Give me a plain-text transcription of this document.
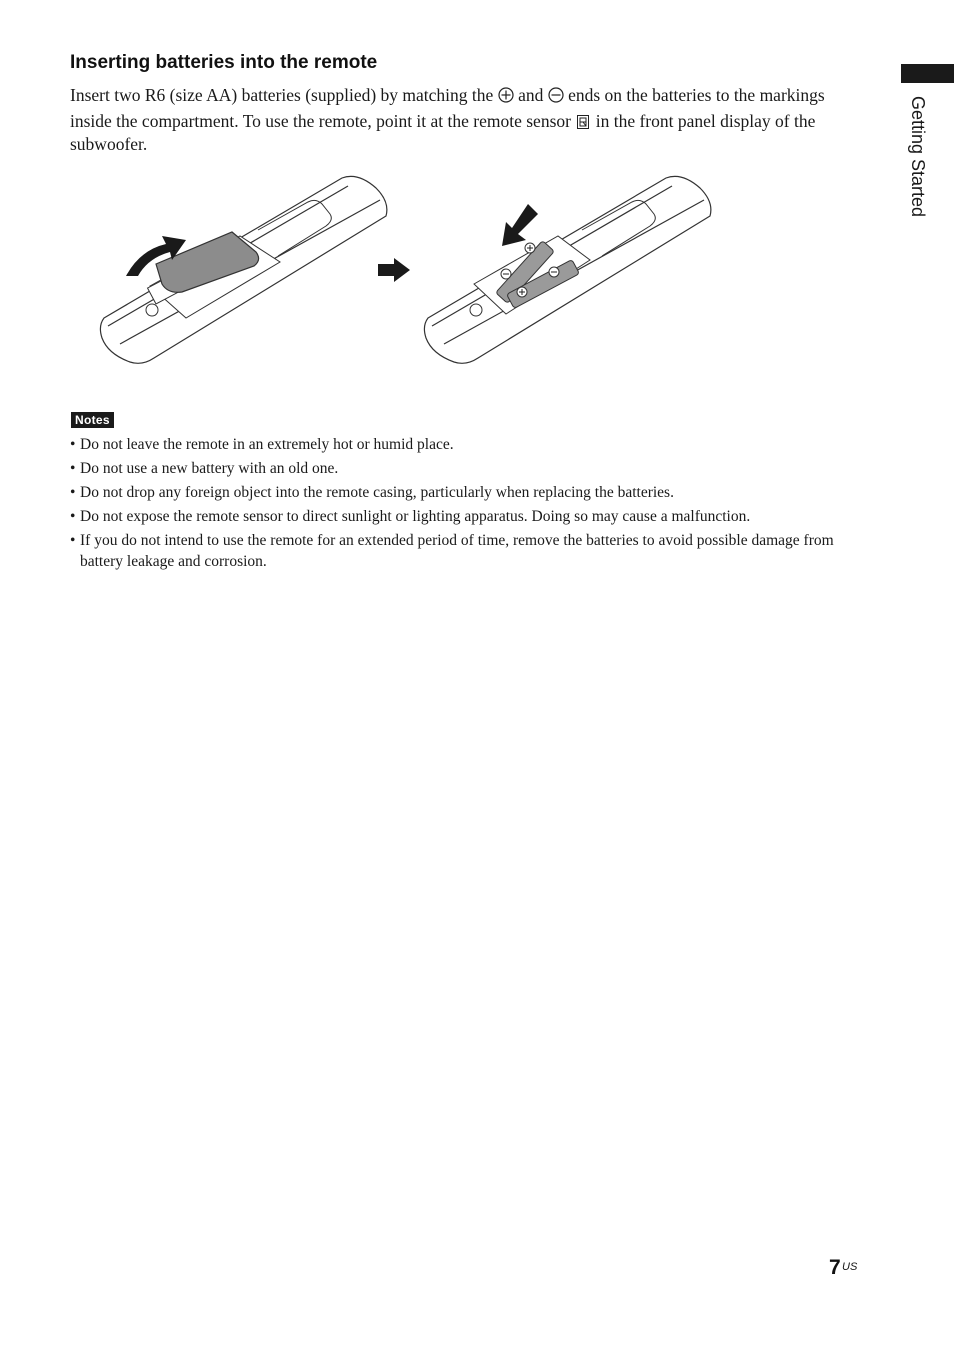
Getting Started
Inserting batteries into the remote

Insert two R6 (size AA) batteries (supplied) by matching the and ends on the batteries to the markings inside the compartment. To use the remote, point it at the remote sensor in the front panel display of the subwoofer.

Notes
• Do not leave the remote in an extremely hot or humid place.
• Do not use a new battery with an old one.
• Do not drop any foreign object into the remote casing, particularly when replacing the batteries.
• Do not expose the remote sensor to direct sunlight or lighting apparatus. Doing so may cause a malfunction.
• If you do not intend to use the remote for an extended period of time, remove the batteries to avoid possible damage from battery leakage and corrosion.
7 US
